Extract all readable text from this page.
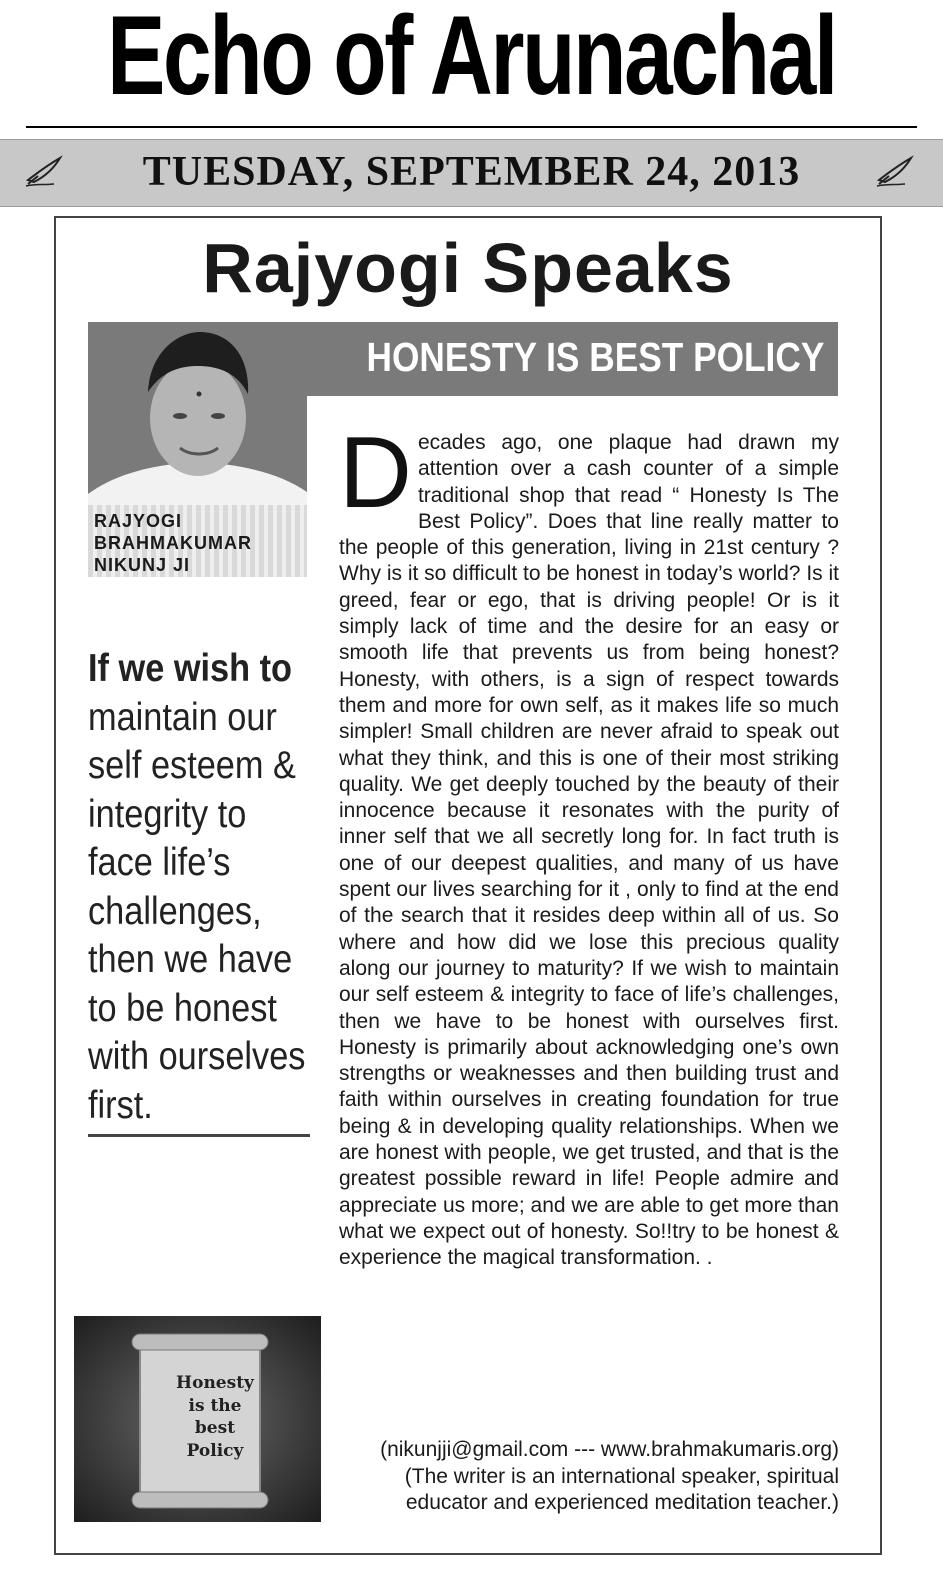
Echo of Arunachal
TUESDAY, SEPTEMBER 24, 2013
Rajyogi Speaks
HONESTY IS BEST POLICY
RAJYOGI
BRAHMAKUMAR
NIKUNJ JI
If we wish to maintain our self esteem & integrity to face life’s challenges, then we have to be honest with ourselves first.
Honesty
is the
best
Policy
D ecades ago, one plaque had drawn my attention over a cash counter of a simple traditional shop that read “ Honesty Is The Best Policy”. Does that line really matter to the people of this generation, living in 21st century ? Why is it so difficult to be honest in today’s world? Is it greed, fear or ego, that is driving people! Or is it simply lack of time and the desire for an easy or smooth life that prevents us from being honest? Honesty, with others, is a sign of respect towards them and more for own self, as it makes life so much simpler! Small children are never afraid to speak out what they think, and this is one of their most striking quality. We get deeply touched by the beauty of their innocence because it resonates with the purity of inner self that we all secretly long for. In fact truth is one of our deepest qualities, and many of us have spent our lives searching for it , only to find at the end of the search that it resides deep within all of us. So where and how did we lose this precious quality along our journey to maturity? If we wish to maintain our self esteem & integrity to face of life’s challenges, then we have to be honest with ourselves first. Honesty is primarily about acknowledging one’s own strengths or weaknesses and then building trust and faith within ourselves in creating foundation for true being & in developing quality relationships. When we are honest with people, we get trusted, and that is the greatest possible reward in life! People admire and appreciate us more; and we are able to get more than what we expect out of honesty. So!!try to be honest & experience the magical transformation. .
(nikunjji@gmail.com --- www.brahmakumaris.org)
(The writer is an international speaker, spiritual
educator and experienced meditation teacher.)
